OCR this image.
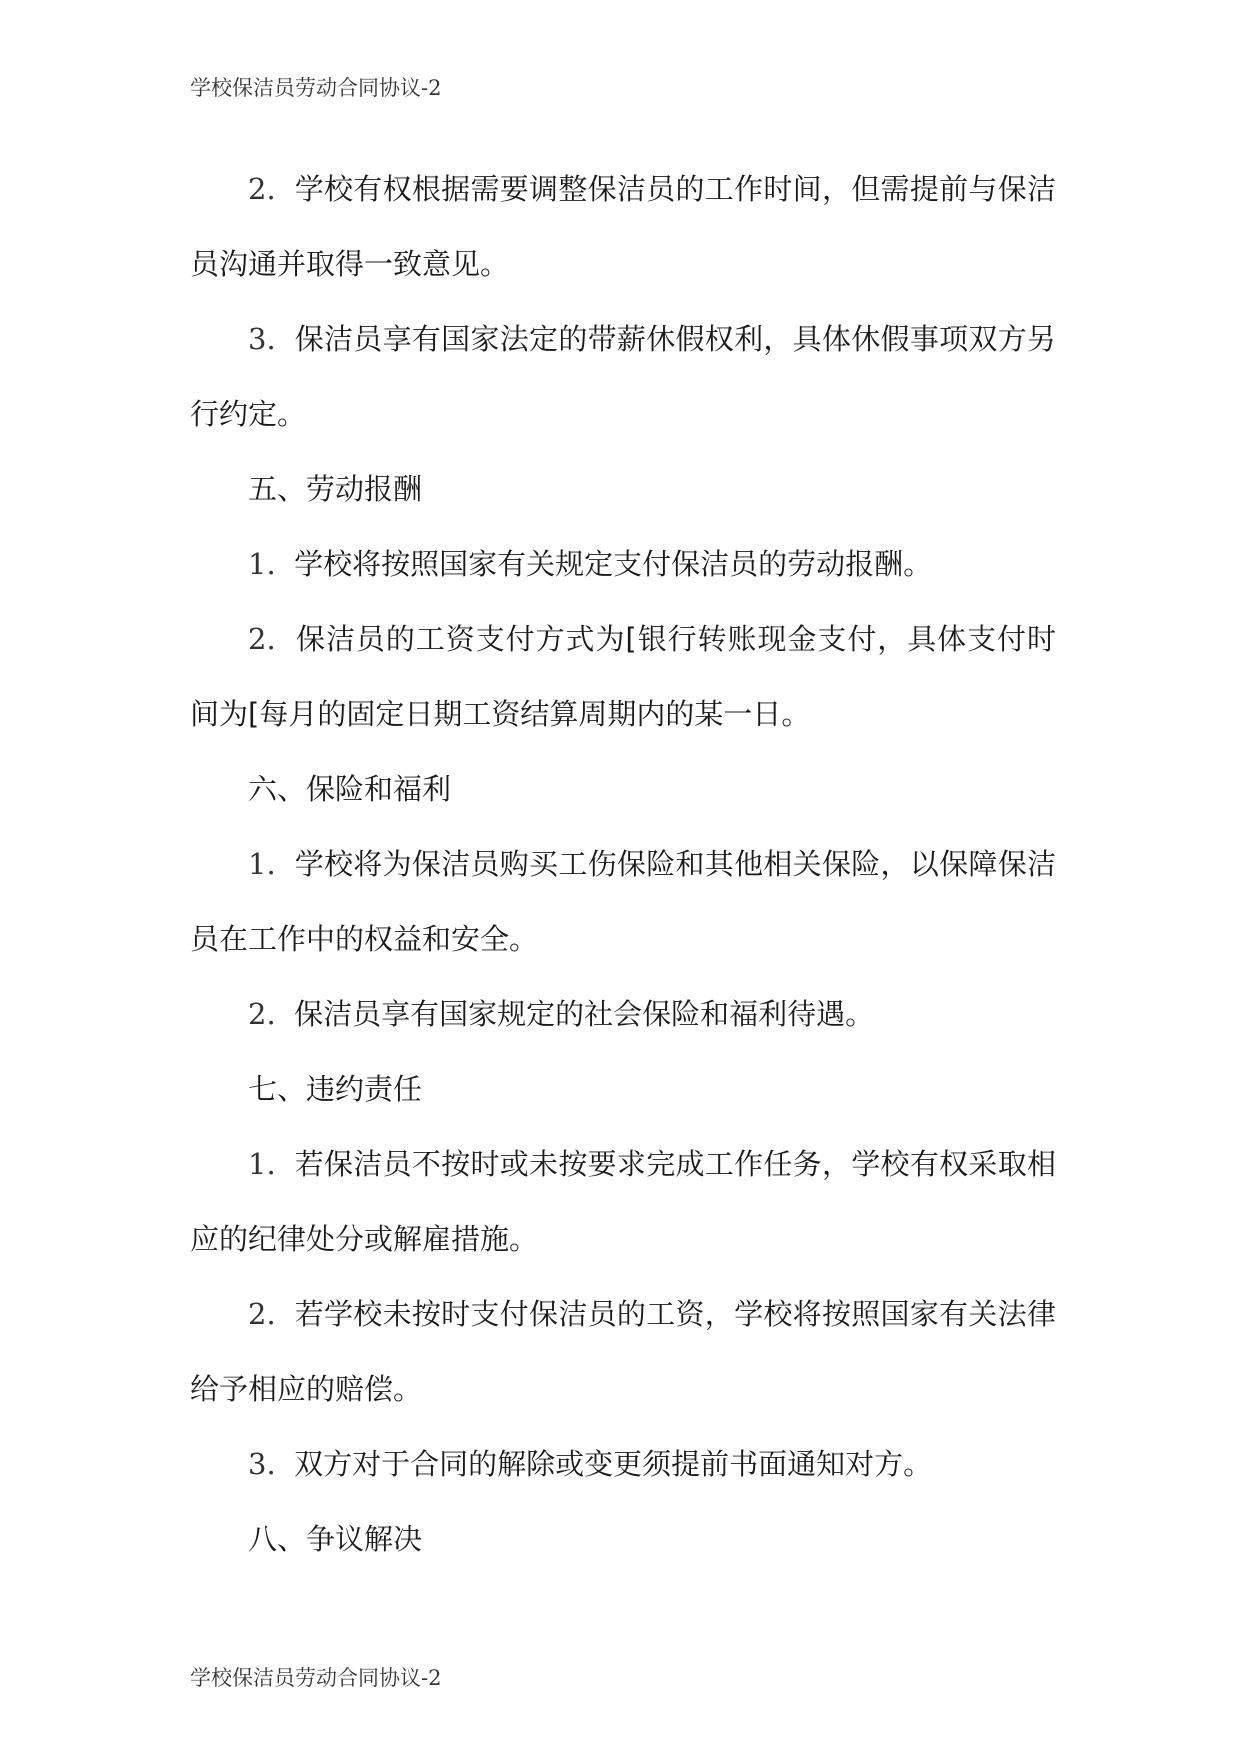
学校保洁员劳动合同协议-2

2. 学校有权根据需要调整保洁员的工作时间，但需提前与保洁员沟通并取得一致意见。

3. 保洁员享有国家法定的带薪休假权利，具体休假事项双方另行约定。

五、劳动报酬

1. 学校将按照国家有关规定支付保洁员的劳动报酬。

2. 保洁员的工资支付方式为[银行转账现金支付，具体支付时间为[每月的固定日期工资结算周期内的某一日。

六、保险和福利

1. 学校将为保洁员购买工伤保险和其他相关保险，以保障保洁员在工作中的权益和安全。

2. 保洁员享有国家规定的社会保险和福利待遇。

七、违约责任

1. 若保洁员不按时或未按要求完成工作任务，学校有权采取相应的纪律处分或解雇措施。

2. 若学校未按时支付保洁员的工资，学校将按照国家有关法律给予相应的赔偿。

3. 双方对于合同的解除或变更须提前书面通知对方。

八、争议解决

学校保洁员劳动合同协议-2
